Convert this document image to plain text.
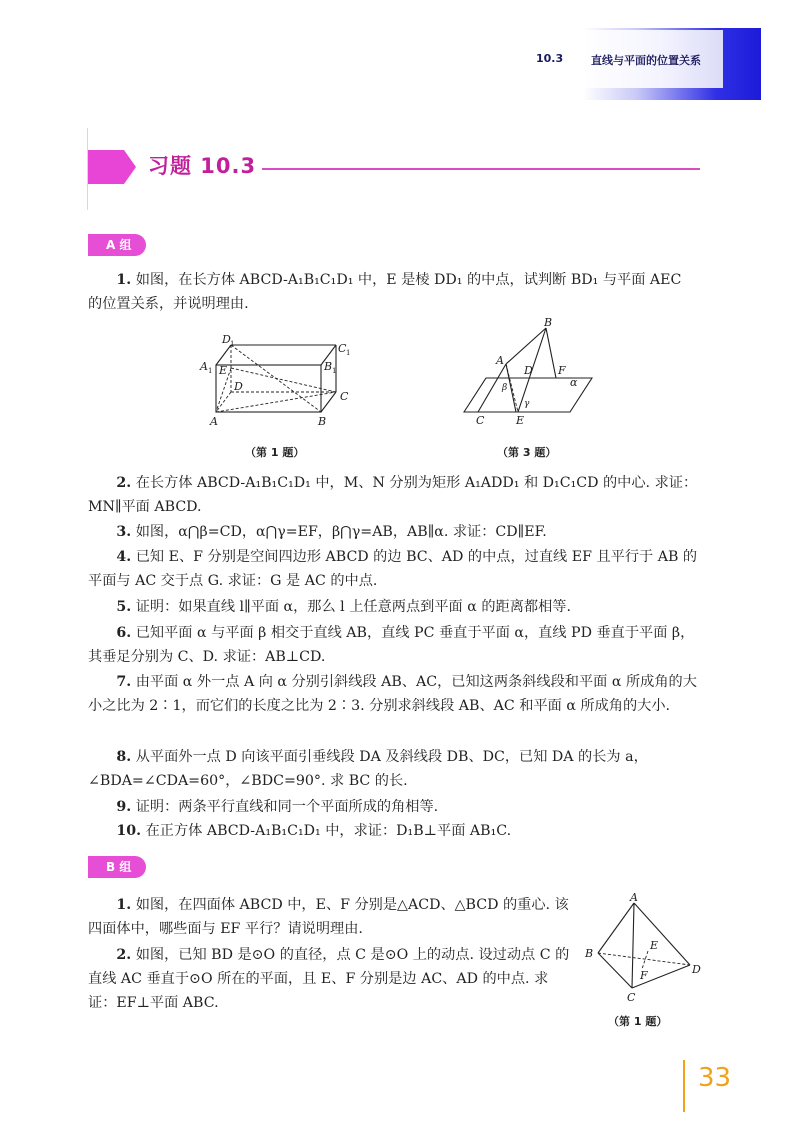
10.3	直线与平面的位置关系
习题 10.3
A 组
1. 如图，在长方体 ABCD-A₁B₁C₁D₁ 中，E 是棱 DD₁ 的中点，试判断 BD₁ 与平面 AEC 的位置关系，并说明理由.
D 1	C 1
A 1	B 1
E
D
C
A	B
（第 1 题）
B
A
D F
α
β
γ
C	E
（第 3 题）
2. 在长方体 ABCD-A₁B₁C₁D₁ 中，M、N 分别为矩形 A₁ADD₁ 和 D₁C₁CD 的中心. 求证：MN∥平面 ABCD.
3. 如图，α⋂β=CD，α⋂γ=EF，β⋂γ=AB，AB∥α. 求证：CD∥EF.
4. 已知 E、F 分别是空间四边形 ABCD 的边 BC、AD 的中点，过直线 EF 且平行于 AB 的平面与 AC 交于点 G. 求证：G 是 AC 的中点.
5. 证明：如果直线 l∥平面 α，那么 l 上任意两点到平面 α 的距离都相等.
6. 已知平面 α 与平面 β 相交于直线 AB，直线 PC 垂直于平面 α，直线 PD 垂直于平面 β，其垂足分别为 C、D. 求证：AB⊥CD.
7. 由平面 α 外一点 A 向 α 分别引斜线段 AB、AC，已知这两条斜线段和平面 α 所成角的大小之比为 2∶1，而它们的长度之比为 2∶3. 分别求斜线段 AB、AC 和平面 α 所成角的大小.
8. 从平面外一点 D 向该平面引垂线段 DA 及斜线段 DB、DC，已知 DA 的长为 a，∠BDA=∠CDA=60°，∠BDC=90°. 求 BC 的长.
9. 证明：两条平行直线和同一个平面所成的角相等.
10. 在正方体 ABCD-A₁B₁C₁D₁ 中，求证：D₁B⊥平面 AB₁C.
B 组
1. 如图，在四面体 ABCD 中，E、F 分别是△ACD、△BCD 的重心. 该四面体中，哪些面与 EF 平行？请说明理由.
2. 如图，已知 BD 是⊙O 的直径，点 C 是⊙O 上的动点. 设过动点 C 的直线 AC 垂直于⊙O 所在的平面，且 E、F 分别是边 AC、AD 的中点. 求证：EF⊥平面 ABC.
A
B
E
F	D
C
（第 1 题）
33
